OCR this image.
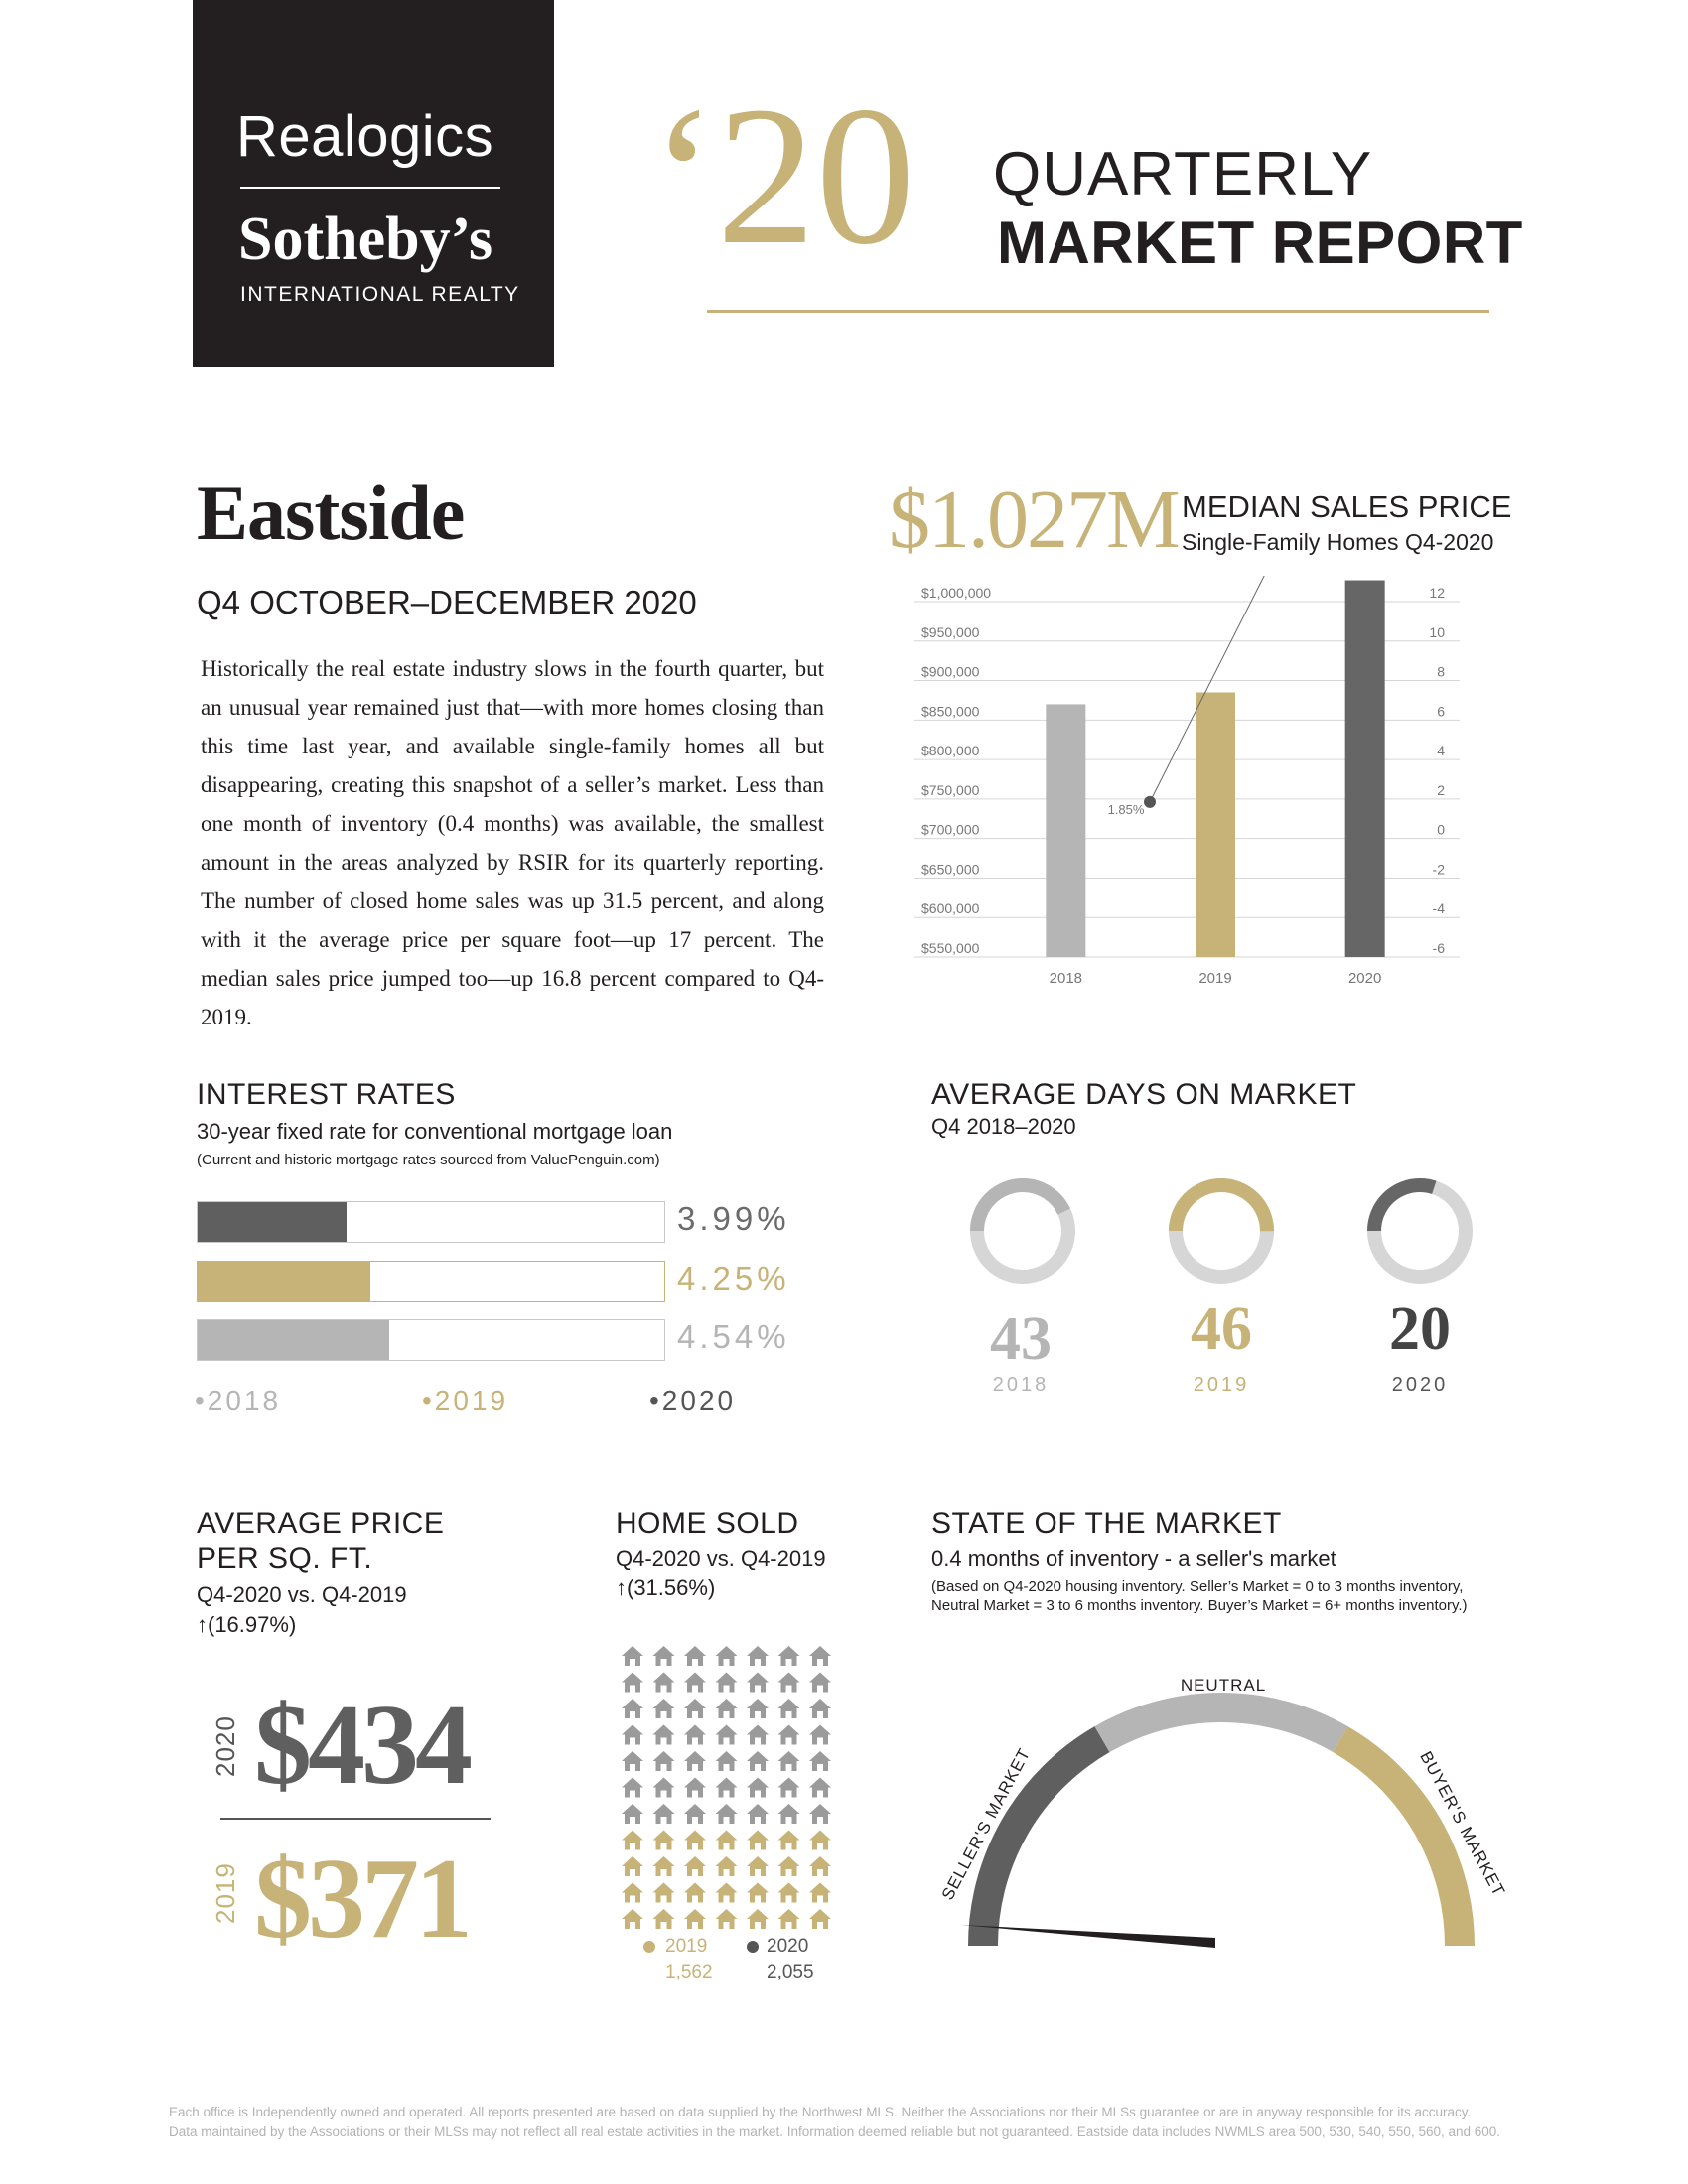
Realogics
Sotheby’s
INTERNATIONAL REALTY
‘20 QUARTERLY
MARKET REPORT
Eastside
Q4 OCTOBER–DECEMBER 2020
Historically the real estate industry slows in the fourth quarter, but an unusual year remained just that—with more homes closing than this time last year, and available single-family homes all but disappearing, creating this snapshot of a seller’s market. Less than one month of inventory (0.4 months) was available, the smallest amount in the areas analyzed by RSIR for its quarterly reporting. The number of closed home sales was up 31.5 percent, and along with it the average price per square foot—up 17 percent. The median sales price jumped too—up 16.8 percent compared to Q4-2019.
$1.027M MEDIAN SALES PRICE
Single-Family Homes Q4-2020
$1,000,000	12
$950,000	10
$900,000	8
$850,000	6
$800,000	4
$750,000	2
$700,000	0
$650,000	-2
$600,000	-4
$550,000	-6
2018	2019	2020
1.85%
INTEREST RATES
30-year fixed rate for conventional mortgage loan
(Current and historic mortgage rates sourced from ValuePenguin.com)
3.99%
4.25%
4.54%
•2018	•2019	•2020
AVERAGE DAYS ON MARKET
Q4 2018–2020
43	46	20
2018	2019	2020
AVERAGE PRICE
PER SQ. FT.
Q4-2020 vs. Q4-2019
↑(16.97%)
2020 $434
2019 $371
HOME SOLD
Q4-2020 vs. Q4-2019
↑(31.56%)
2019
1,562
2020
2,055
STATE OF THE MARKET
0.4 months of inventory - a seller's market
(Based on Q4-2020 housing inventory. Seller’s Market = 0 to 3 months inventory,
Neutral Market = 3 to 6 months inventory. Buyer’s Market = 6+ months inventory.)
SELLER'S MARKET
NEUTRAL
BUYER'S MARKET
Each office is Independently owned and operated. All reports presented are based on data supplied by the Northwest MLS. Neither the Associations nor their MLSs guarantee or are in anyway responsible for its accuracy.
Data maintained by the Associations or their MLSs may not reflect all real estate activities in the market. Information deemed reliable but not guaranteed. Eastside data includes NWMLS area 500, 530, 540, 550, 560, and 600.
